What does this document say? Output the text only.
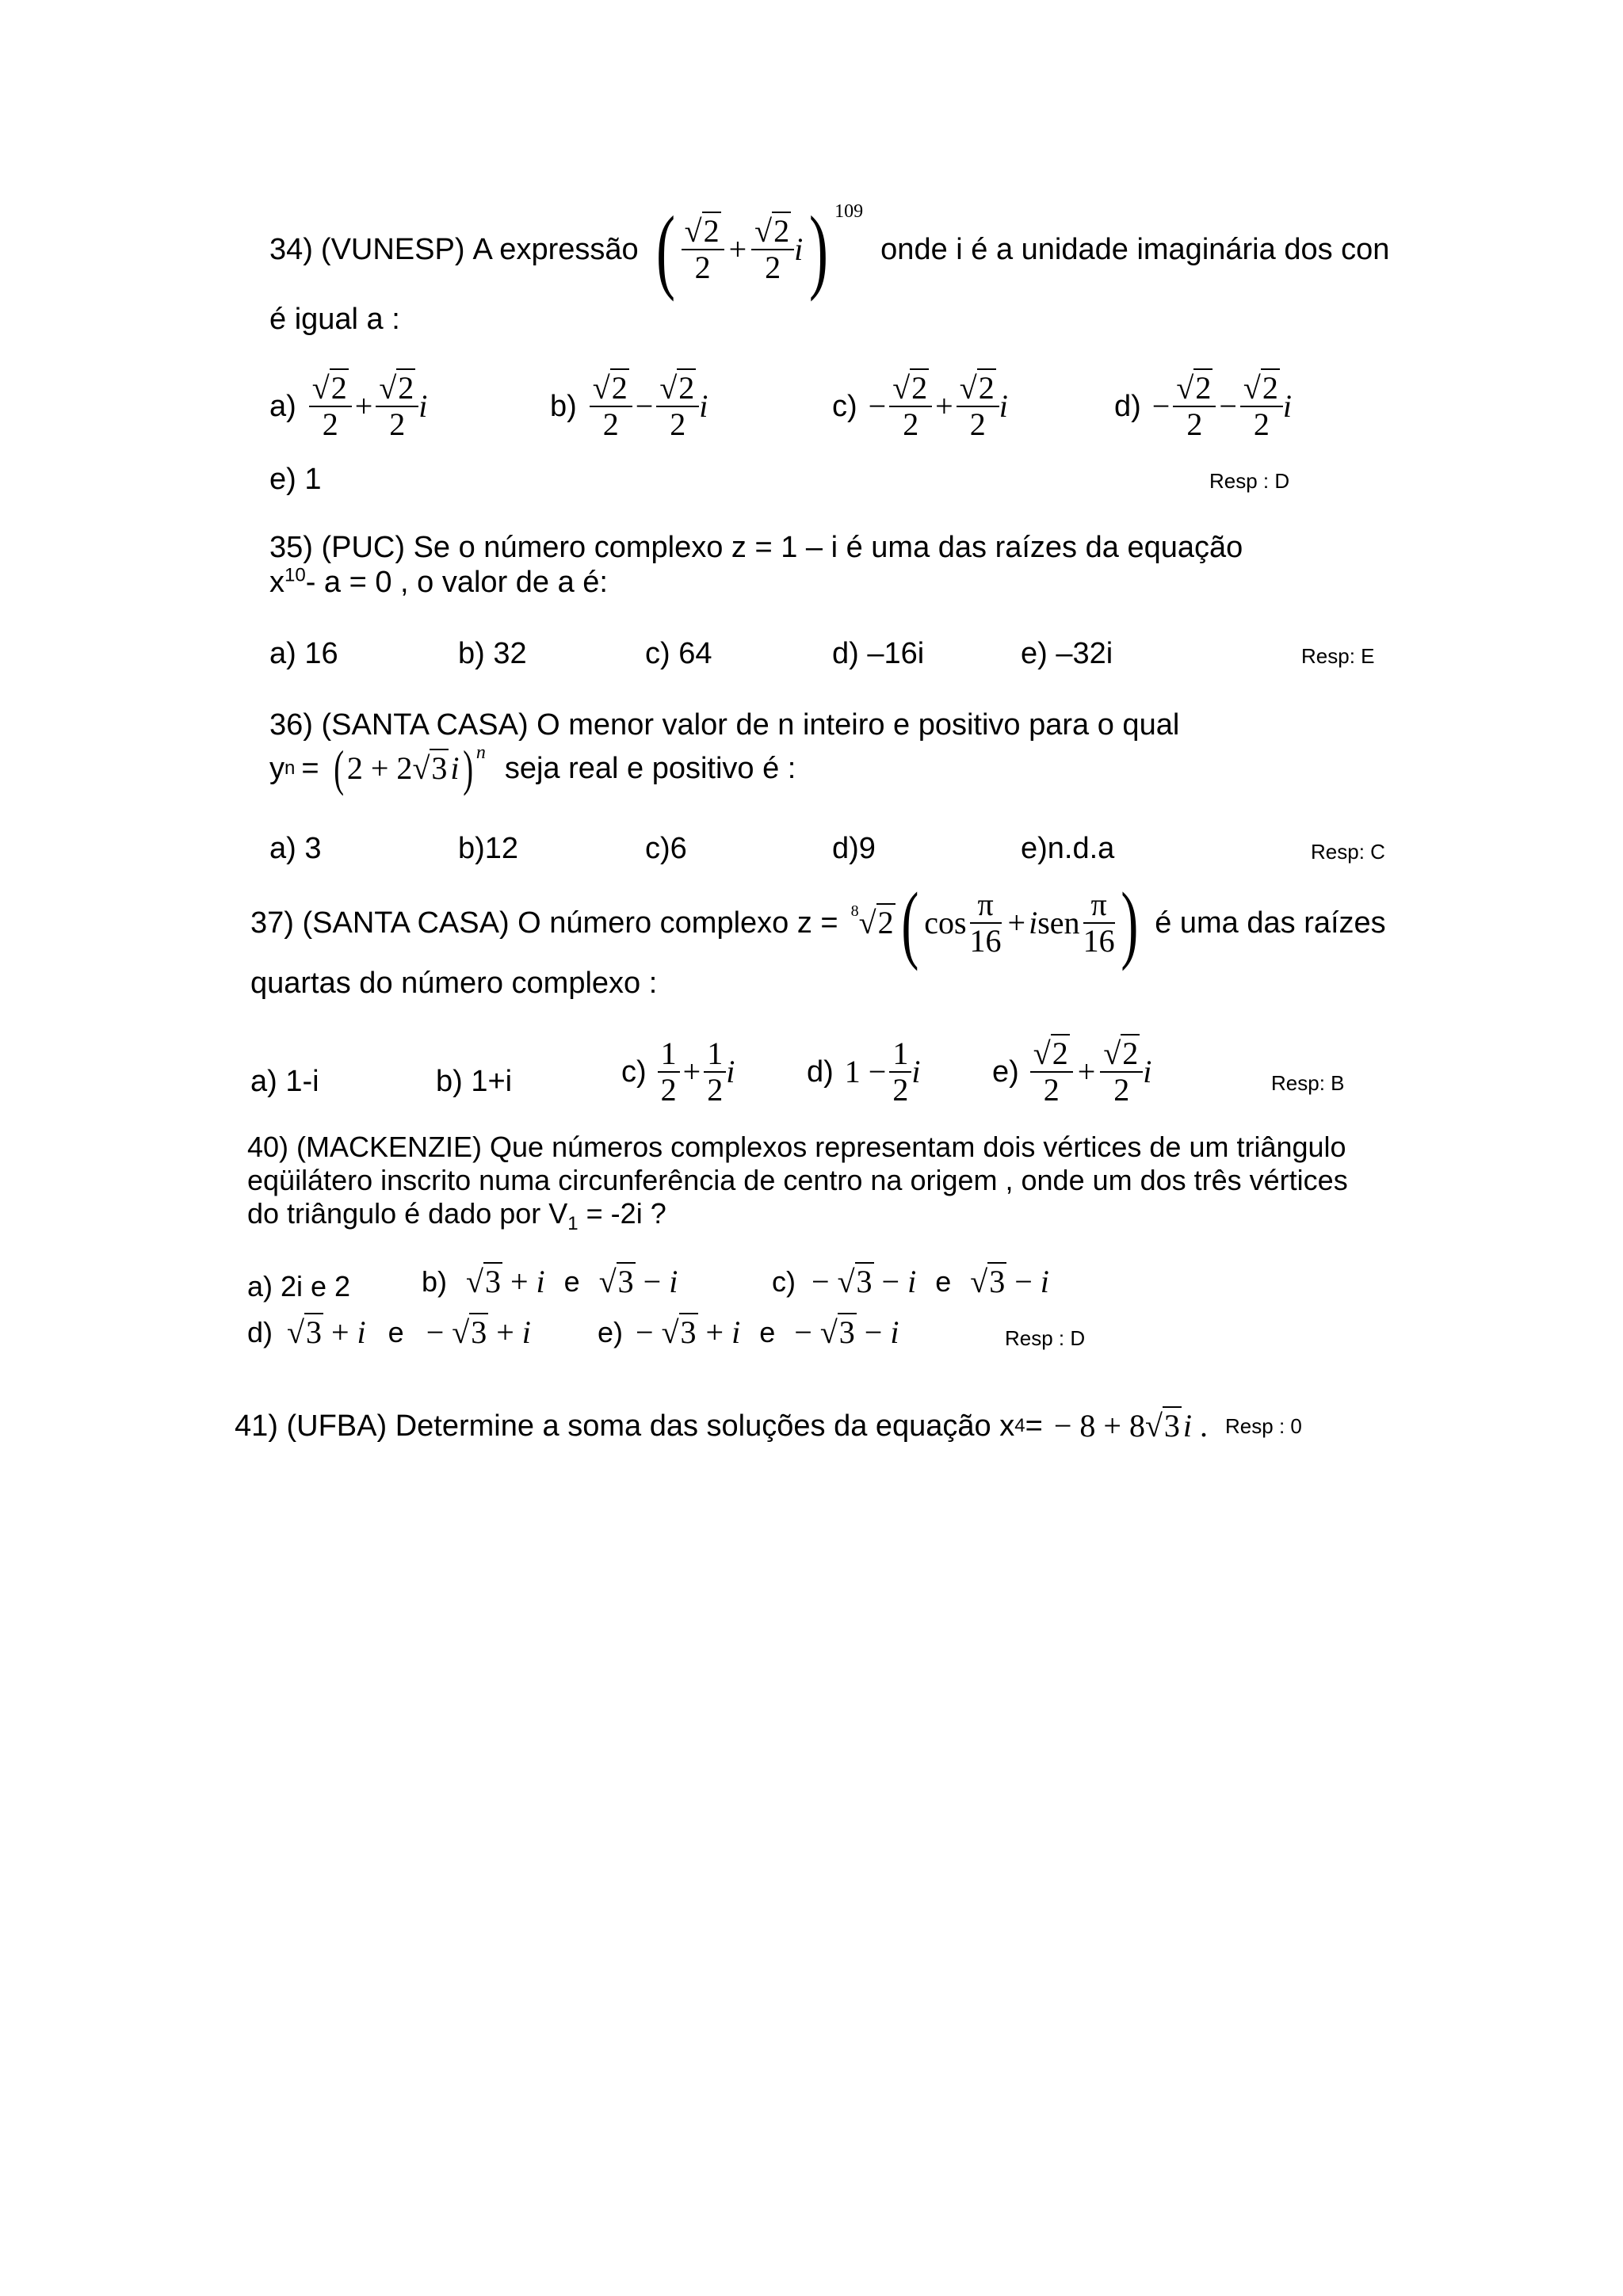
34) (VUNESP) A expressão ( $\frac{√2}{2} + \frac{√2}{2}$ i ) 109
onde i é a unidade imaginária dos con
é igual a :
$a) \frac{√2}{2} + \frac{√2}{2}$ i	$b) \frac{√2}{2} - \frac{√2}{2}$ i	$c) - \frac{√2}{2} + \frac{√2}{2}$ i	$d) - \frac{√2}{2} - \frac{√2}{2}$ i
e) 1	Resp : D
35) (PUC) Se o número complexo z = 1 – i é uma das raízes da equação
$x^{10}-$ a = 0 , o valor de a é:
a) 16	b) 32	c) 64	d) –16i	e) –32i	Resp: E
36) (SANTA CASA) O menor valor de n inteiro e positivo para o qual
y n = ( 2 + 2 √3 i ) n seja real e positivo é :
a) 3	b)12	c)6	d)9	e)n.d.a	Resp: C
37) (SANTA CASA) O número complexo z = 8 √2 ( $\cos \frac{\pi}{16} + i$ sen $\frac{\pi}{16}$ ) é uma das raízes
quartas do número complexo :
a) 1-i	b) 1+i	$c) \frac{1}{2} + \frac{1}{2}$ i d) $1 - \frac{1}{2}$ i $e) \frac{√2}{2} + \frac{√2}{2}$ i	Resp: B
40) (MACKENZIE) Que números complexos representam dois vértices de um triângulo
eqüilátero inscrito numa circunferência de centro na origem , onde um dos três vértices
do triângulo é dado por $V_1 = -2i$ ?
a) 2i e 2 b) √3 + i e √3 − i	c) − √3 − i e √3 − i
d) √3 + i e − √3 + i e) − √3 + i e − √3 − i	Resp : D
41) (UFBA) Determine a soma das soluções da equação x 4 = − 8 + 8√3 i . Resp : 0
